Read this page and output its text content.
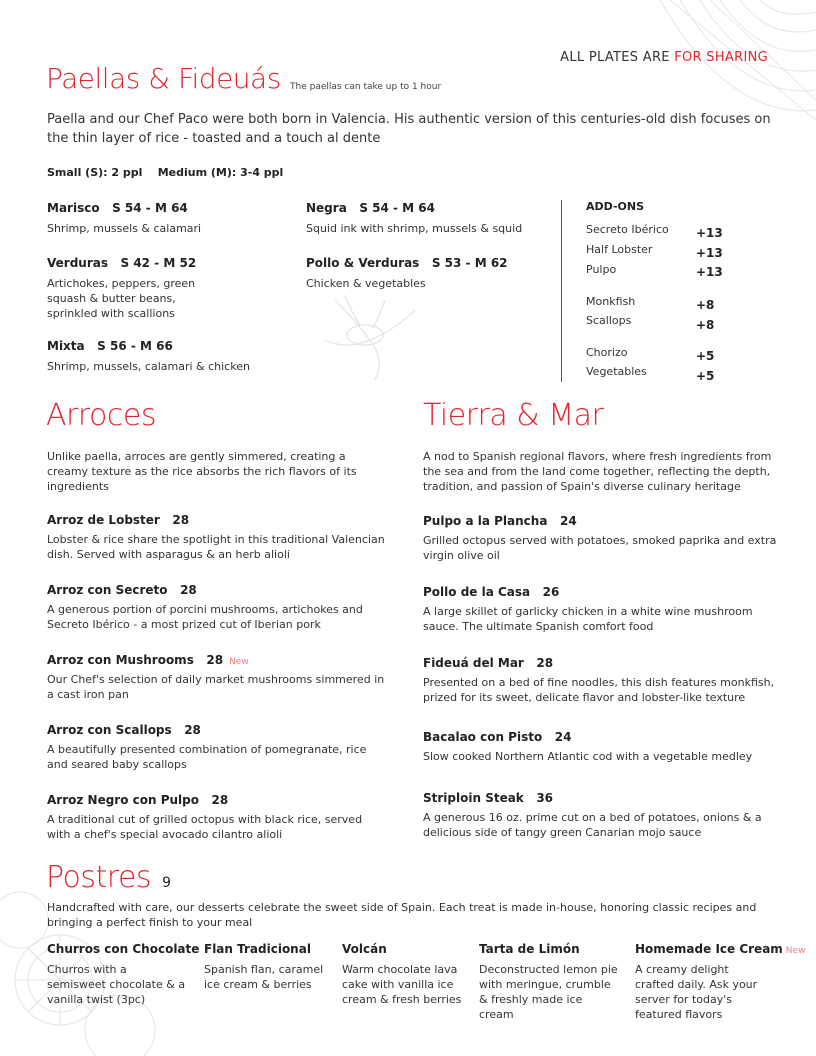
ALL PLATES ARE FOR SHARING
Paellas & Fideuás The paellas can take up to 1 hour
Paella and our Chef Paco were both born in Valencia. His authentic version of this centuries-old dish focuses on the thin layer of rice - toasted and a touch al dente
Small (S): 2 ppl    Medium (M): 3-4 ppl
Marisco   S 54 - M 64
Shrimp, mussels & calamari
Verduras   S 42 - M 52
Artichokes, peppers, green squash & butter beans, sprinkled with scallions
Mixta   S 56 - M 66
Shrimp, mussels, calamari & chicken
Negra   S 54 - M 64
Squid ink with shrimp, mussels & squid
Pollo & Verduras   S 53 - M 62
Chicken & vegetables
ADD-ONS
Secreto Ibérico +13
Half Lobster	+13
Pulpo	+13
Monkfish	+8
Scallops	+8
Chorizo	+5
Vegetables	+5
Arroces
Unlike paella, arroces are gently simmered, creating a creamy texture as the rice absorbs the rich flavors of its ingredients
Arroz de Lobster   28
Lobster & rice share the spotlight in this traditional Valencian dish. Served with asparagus & an herb alioli
Arroz con Secreto   28
A generous portion of porcini mushrooms, artichokes and Secreto Ibérico - a most prized cut of Iberian pork
Arroz con Mushrooms   28 New
Our Chef's selection of daily market mushrooms simmered in a cast iron pan
Arroz con Scallops   28
A beautifully presented combination of pomegranate, rice and seared baby scallops
Arroz Negro con Pulpo   28
A traditional cut of grilled octopus with black rice, served with a chef's special avocado cilantro alioli
Tierra & Mar
A nod to Spanish regional flavors, where fresh ingredients from the sea and from the land come together, reflecting the depth, tradition, and passion of Spain's diverse culinary heritage
Pulpo a la Plancha   24
Grilled octopus served with potatoes, smoked paprika and extra virgin olive oil
Pollo de la Casa   26
A large skillet of garlicky chicken in a white wine mushroom sauce. The ultimate Spanish comfort food
Fideuá del Mar   28
Presented on a bed of fine noodles, this dish features monkfish, prized for its sweet, delicate flavor and lobster-like texture
Bacalao con Pisto   24
Slow cooked Northern Atlantic cod with a vegetable medley
Striploin Steak   36
A generous 16 oz. prime cut on a bed of potatoes, onions & a delicious side of tangy green Canarian mojo sauce
Postres 9
Handcrafted with care, our desserts celebrate the sweet side of Spain. Each treat is made in-house, honoring classic recipes and bringing a perfect finish to your meal
Churros con Chocolate
Churros with a semisweet chocolate & a vanilla twist (3pc)
Flan Tradicional
Spanish flan, caramel ice cream & berries
Volcán
Warm chocolate lava cake with vanilla ice cream & fresh berries
Tarta de Limón
Deconstructed lemon pie with meringue, crumble & freshly made ice cream
Homemade Ice Cream New
A creamy delight crafted daily. Ask your server for today's featured flavors
